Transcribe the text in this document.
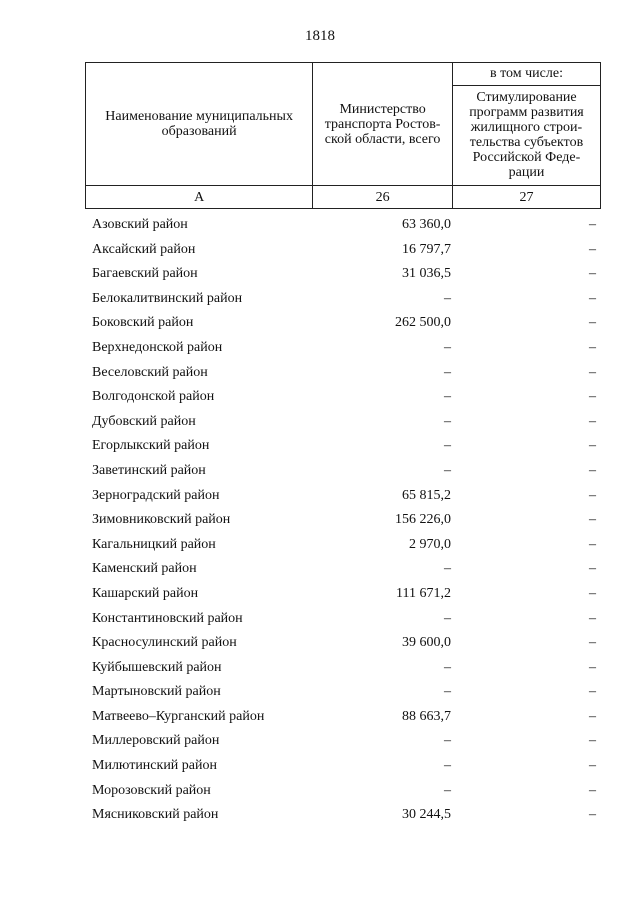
1818
Наименование муниципальных образований	Министерство транспорта Ростов-ской области, всего	в том числе:
		Стимулирование программ развития жилищного строи-тельства субъектов Российской Феде-рации
А	26	27
Азовский район	63 360,0	–
Аксайский район	16 797,7	–
Багаевский район	31 036,5	–
Белокалитвинский район	–	–
Боковский район	262 500,0	–
Верхнедонской район	–	–
Веселовский район	–	–
Волгодонской район	–	–
Дубовский район	–	–
Егорлыкский район	–	–
Заветинский район	–	–
Зерноградский район	65 815,2	–
Зимовниковский район	156 226,0	–
Кагальницкий район	2 970,0	–
Каменский район	–	–
Кашарский район	111 671,2	–
Константиновский район	–	–
Красносулинский район	39 600,0	–
Куйбышевский район	–	–
Мартыновский район	–	–
Матвеево–Курганский район	88 663,7	–
Миллеровский район	–	–
Милютинский район	–	–
Морозовский район	–	–
Мясниковский район	30 244,5	–
